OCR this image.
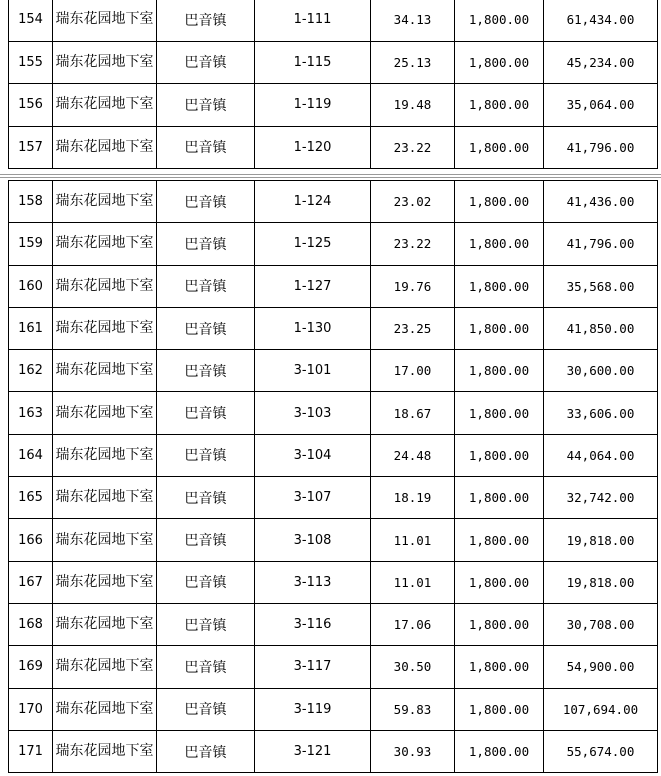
154	瑞东花园地下室	巴音镇	1-111	34.13	1,800.00	61,434.00
155	瑞东花园地下室	巴音镇	1-115	25.13	1,800.00	45,234.00
156	瑞东花园地下室	巴音镇	1-119	19.48	1,800.00	35,064.00
157	瑞东花园地下室	巴音镇	1-120	23.22	1,800.00	41,796.00
158	瑞东花园地下室	巴音镇	1-124	23.02	1,800.00	41,436.00
159	瑞东花园地下室	巴音镇	1-125	23.22	1,800.00	41,796.00
160	瑞东花园地下室	巴音镇	1-127	19.76	1,800.00	35,568.00
161	瑞东花园地下室	巴音镇	1-130	23.25	1,800.00	41,850.00
162	瑞东花园地下室	巴音镇	3-101	17.00	1,800.00	30,600.00
163	瑞东花园地下室	巴音镇	3-103	18.67	1,800.00	33,606.00
164	瑞东花园地下室	巴音镇	3-104	24.48	1,800.00	44,064.00
165	瑞东花园地下室	巴音镇	3-107	18.19	1,800.00	32,742.00
166	瑞东花园地下室	巴音镇	3-108	11.01	1,800.00	19,818.00
167	瑞东花园地下室	巴音镇	3-113	11.01	1,800.00	19,818.00
168	瑞东花园地下室	巴音镇	3-116	17.06	1,800.00	30,708.00
169	瑞东花园地下室	巴音镇	3-117	30.50	1,800.00	54,900.00
170	瑞东花园地下室	巴音镇	3-119	59.83	1,800.00	107,694.00
171	瑞东花园地下室	巴音镇	3-121	30.93	1,800.00	55,674.00
